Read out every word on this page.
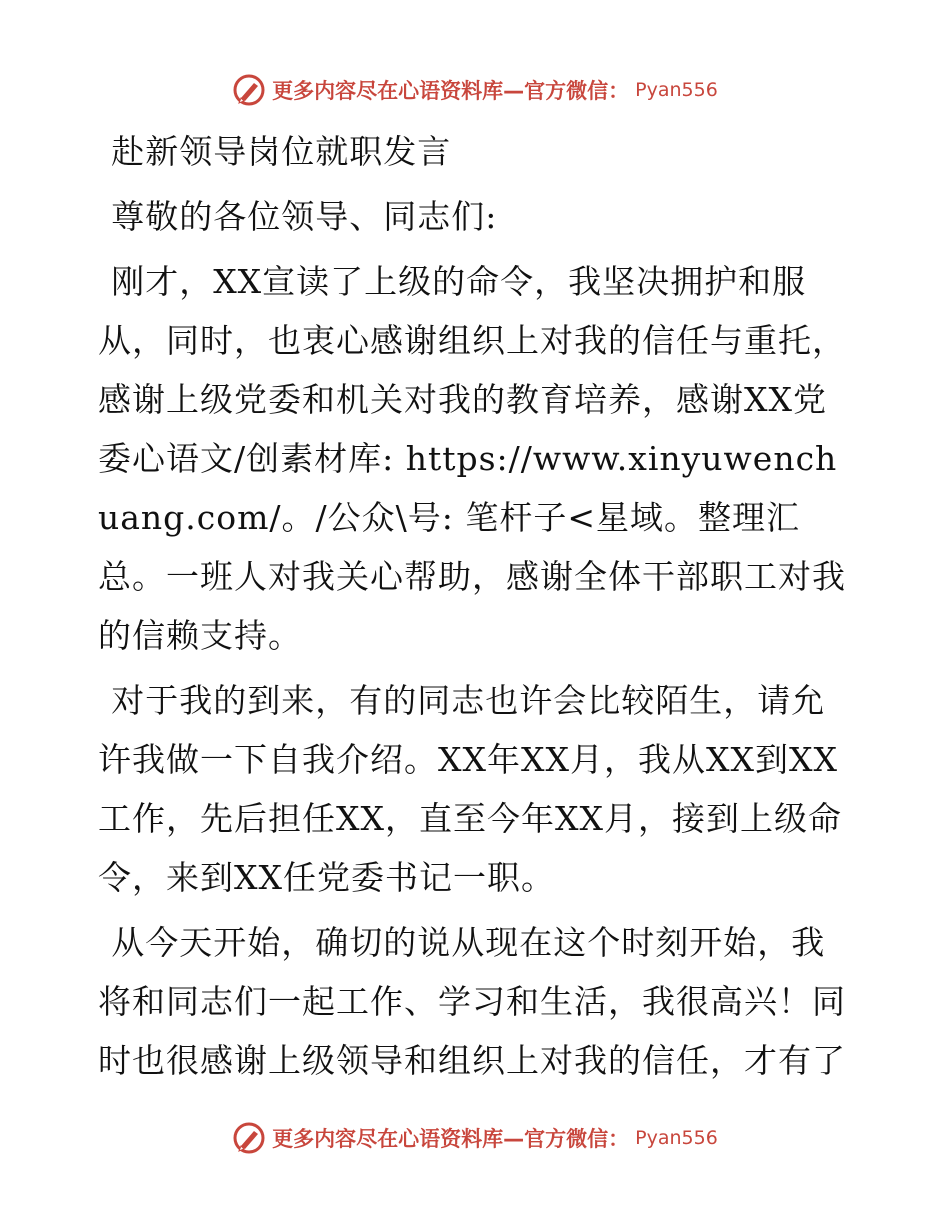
更多内容尽在心语资料库—官方微信： Pyan556
赴新领导岗位就职发言

尊敬的各位领导、同志们:

刚才，XX宣读了上级的命令，我坚决拥护和服从，同时，也衷心感谢组织上对我的信任与重托，感谢上级党委和机关对我的教育培养，感谢XX党委心语文/创素材库: https://www.xinyuwenchuang.com/。/公众\号: 笔杆子<星域。整理汇总。一班人对我关心帮助，感谢全体干部职工对我的信赖支持。

对于我的到来，有的同志也许会比较陌生，请允许我做一下自我介绍。XX年XX月，我从XX到XX工作，先后担任XX，直至今年XX月，接到上级命令，来到XX任党委书记一职。

从今天开始，确切的说从现在这个时刻开始，我将和同志们一起工作、学习和生活，我很高兴！同时也很感谢上级领导和组织上对我的信任，才有了

更多内容尽在心语资料库—官方微信： Pyan556
